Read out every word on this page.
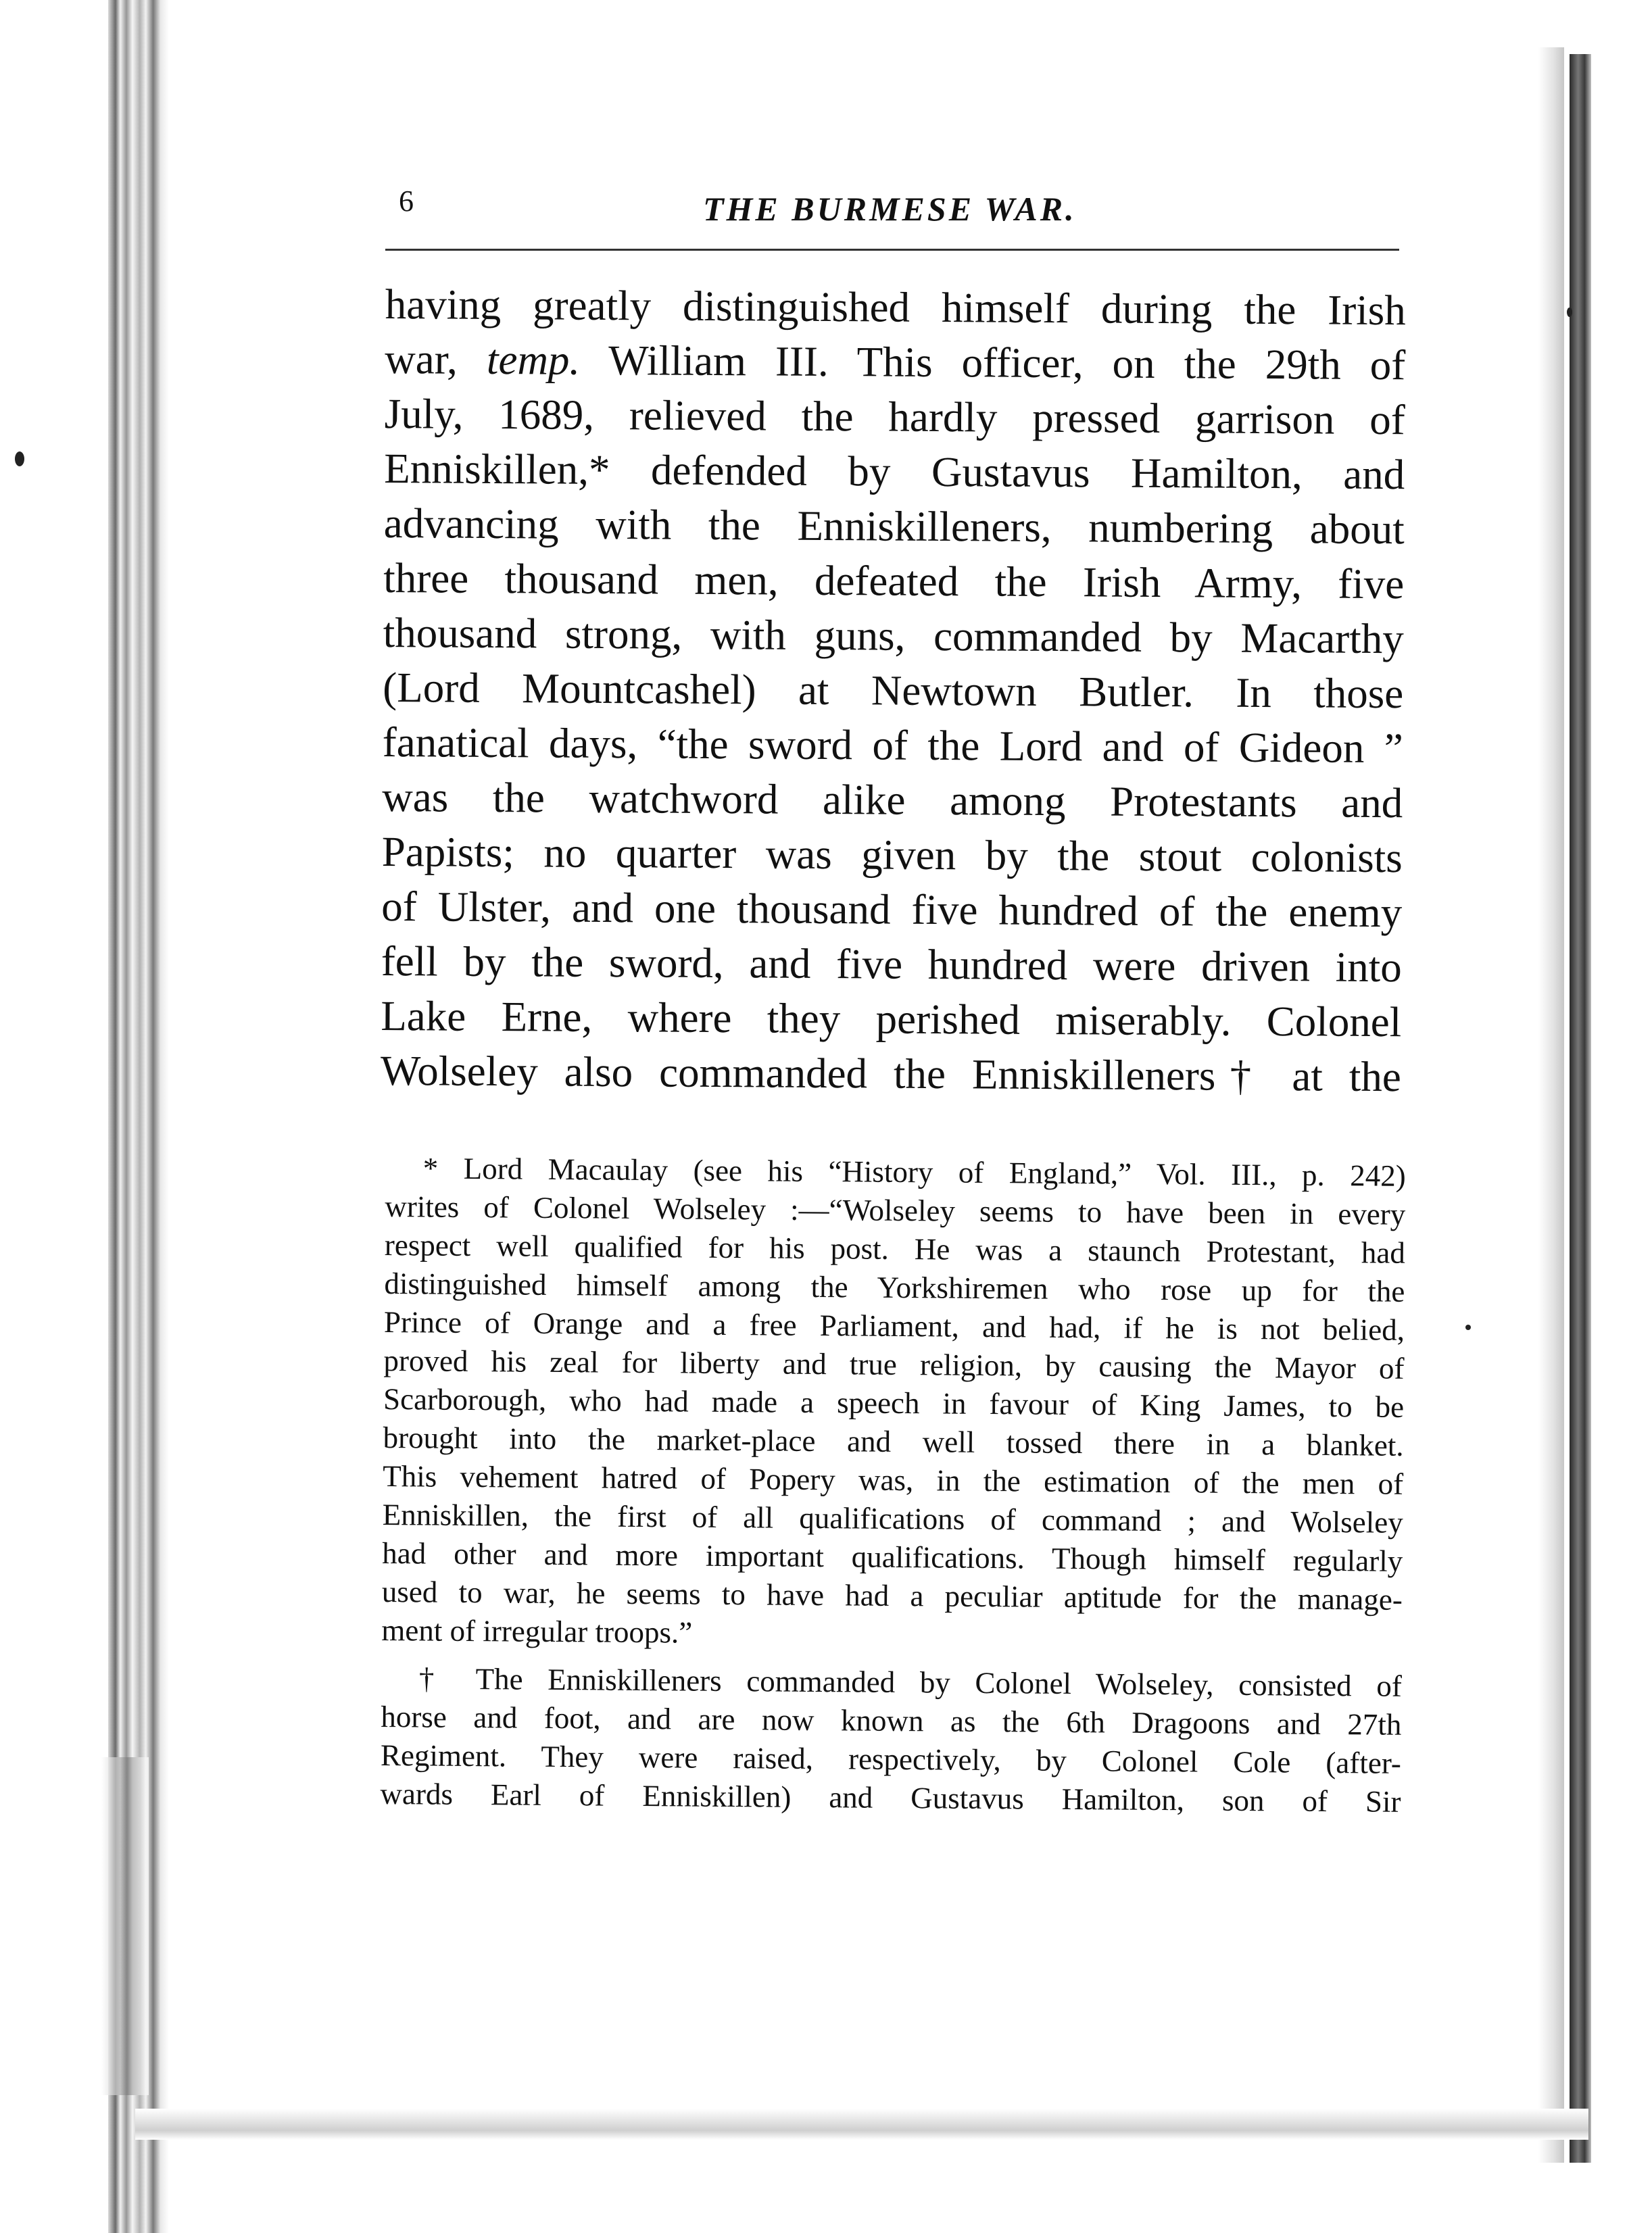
6	THE BURMESE WAR.
having greatly distinguished himself during the Irish
war, temp. William III. This officer, on the 29th of
July, 1689, relieved the hardly pressed garrison of
Enniskillen,* defended by Gustavus Hamilton, and
advancing with the Enniskilleners, numbering about
three thousand men, defeated the Irish Army, five
thousand strong, with guns, commanded by Macarthy
(Lord Mountcashel) at Newtown Butler. In those
fanatical days, “the sword of the Lord and of Gideon ”
was the watchword alike among Protestants and
Papists; no quarter was given by the stout colonists
of Ulster, and one thousand five hundred of the enemy
fell by the sword, and five hundred were driven into
Lake Erne, where they perished miserably. Colonel
Wolseley also commanded the Enniskilleners† at the
* Lord Macaulay (see his “History of England,” Vol. III., p. 242)
writes of Colonel Wolseley :—“Wolseley seems to have been in every
respect well qualified for his post. He was a staunch Protestant, had
distinguished himself among the Yorkshiremen who rose up for the
Prince of Orange and a free Parliament, and had, if he is not belied,
proved his zeal for liberty and true religion, by causing the Mayor of
Scarborough, who had made a speech in favour of King James, to be
brought into the market-place and well tossed there in a blanket.
This vehement hatred of Popery was, in the estimation of the men of
Enniskillen, the first of all qualifications of command ; and Wolseley
had other and more important qualifications. Though himself regularly
used to war, he seems to have had a peculiar aptitude for the manage-
ment of irregular troops.”
† The Enniskilleners commanded by Colonel Wolseley, consisted of
horse and foot, and are now known as the 6th Dragoons and 27th
Regiment. They were raised, respectively, by Colonel Cole (after-
wards Earl of Enniskillen) and Gustavus Hamilton, son of Sir
